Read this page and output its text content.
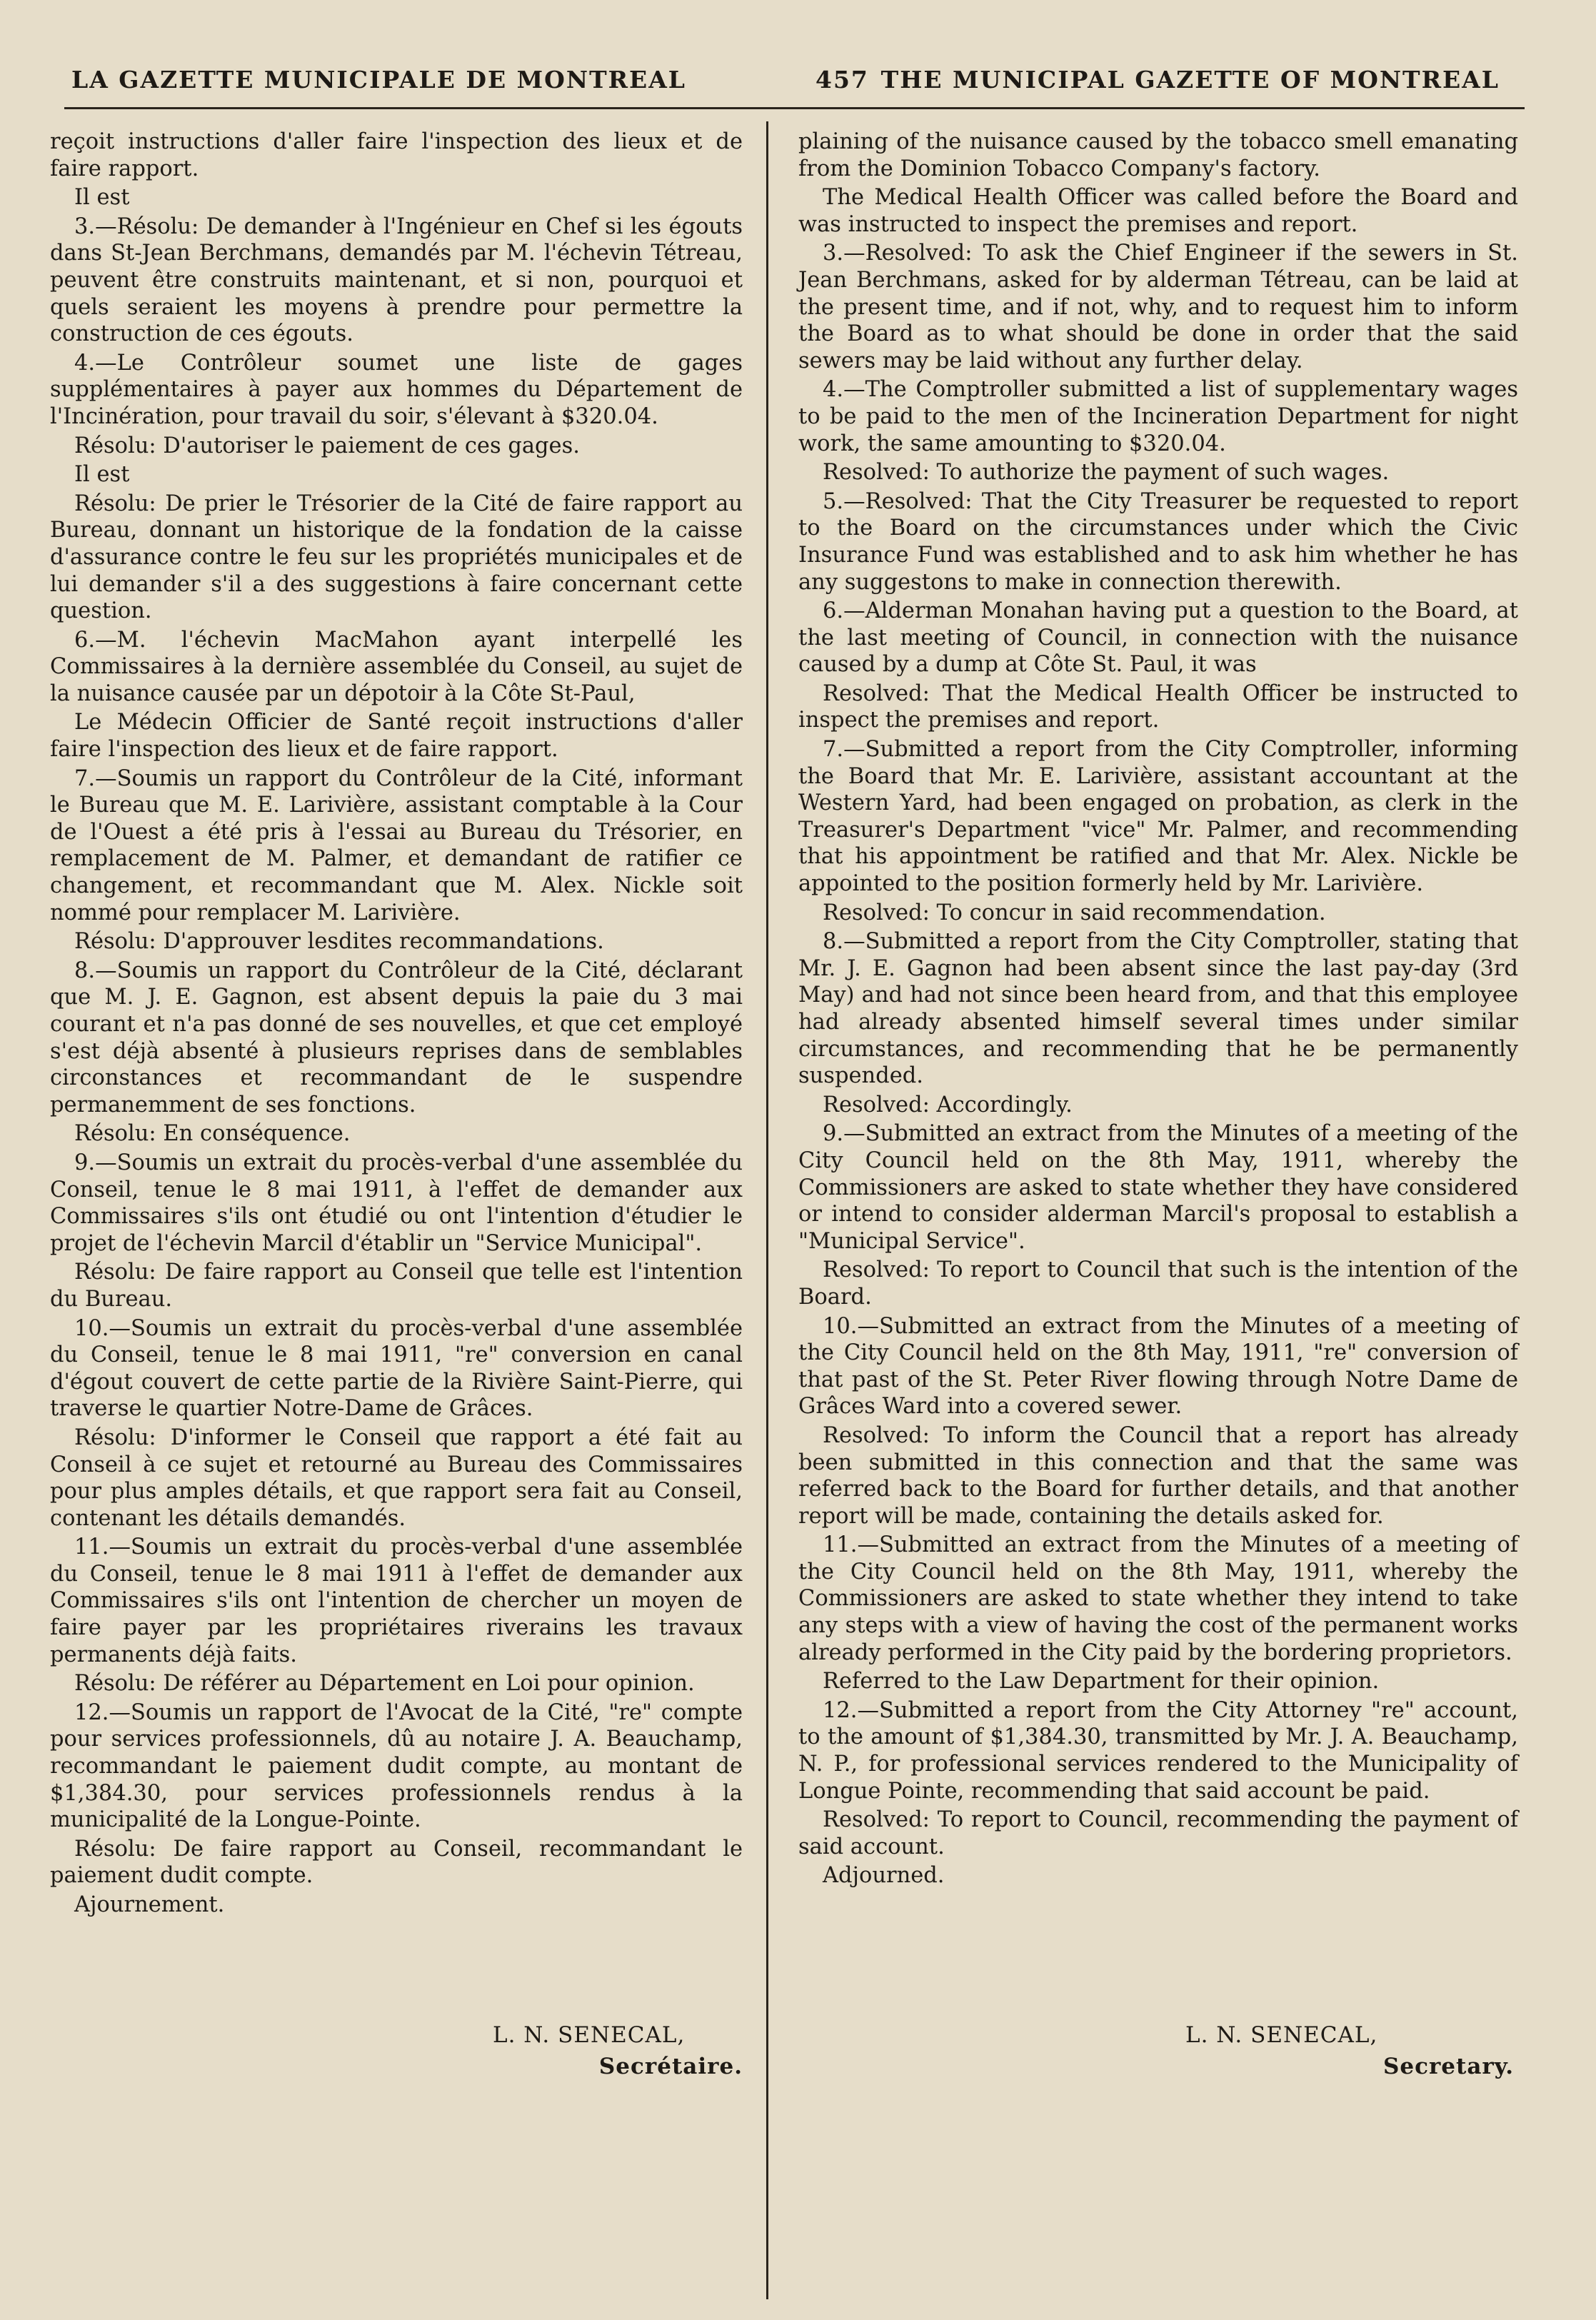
LA GAZETTE MUNICIPALE DE MONTREAL	457 THE MUNICIPAL GAZETTE OF MONTREAL

reçoit instructions d'aller faire l'inspection des lieux et de faire rapport.

Il est

3.—Résolu: De demander à l'Ingénieur en Chef si les égouts dans St-Jean Berchmans, demandés par M. l'échevin Tétreau, peuvent être construits maintenant, et si non, pourquoi et quels seraient les moyens à prendre pour permettre la construction de ces égouts.

4.—Le Contrôleur soumet une liste de gages supplémentaires à payer aux hommes du Département de l'Incinération, pour travail du soir, s'élevant à $320.04.

Résolu: D'autoriser le paiement de ces gages.

Il est

Résolu: De prier le Trésorier de la Cité de faire rapport au Bureau, donnant un historique de la fondation de la caisse d'assurance contre le feu sur les propriétés municipales et de lui demander s'il a des suggestions à faire concernant cette question.

6.—M. l'échevin MacMahon ayant interpellé les Commissaires à la dernière assemblée du Conseil, au sujet de la nuisance causée par un dépotoir à la Côte St-Paul,

Le Médecin Officier de Santé reçoit instructions d'aller faire l'inspection des lieux et de faire rapport.

7.—Soumis un rapport du Contrôleur de la Cité, informant le Bureau que M. E. Larivière, assistant comptable à la Cour de l'Ouest a été pris à l'essai au Bureau du Trésorier, en remplacement de M. Palmer, et demandant de ratifier ce changement, et recommandant que M. Alex. Nickle soit nommé pour remplacer M. Larivière.

Résolu: D'approuver lesdites recommandations.

8.—Soumis un rapport du Contrôleur de la Cité, déclarant que M. J. E. Gagnon, est absent depuis la paie du 3 mai courant et n'a pas donné de ses nouvelles, et que cet employé s'est déjà absenté à plusieurs reprises dans de semblables circonstances et recommandant de le suspendre permanemment de ses fonctions.

Résolu: En conséquence.

9.—Soumis un extrait du procès-verbal d'une assemblée du Conseil, tenue le 8 mai 1911, à l'effet de demander aux Commissaires s'ils ont étudié ou ont l'intention d'étudier le projet de l'échevin Marcil d'établir un "Service Municipal".

Résolu: De faire rapport au Conseil que telle est l'intention du Bureau.

10.—Soumis un extrait du procès-verbal d'une assemblée du Conseil, tenue le 8 mai 1911, "re" conversion en canal d'égout couvert de cette partie de la Rivière Saint-Pierre, qui traverse le quartier Notre-Dame de Grâces.

Résolu: D'informer le Conseil que rapport a été fait au Conseil à ce sujet et retourné au Bureau des Commissaires pour plus amples détails, et que rapport sera fait au Conseil, contenant les détails demandés.

11.—Soumis un extrait du procès-verbal d'une assemblée du Conseil, tenue le 8 mai 1911 à l'effet de demander aux Commissaires s'ils ont l'intention de chercher un moyen de faire payer par les propriétaires riverains les travaux permanents déjà faits.

Résolu: De référer au Département en Loi pour opinion.

12.—Soumis un rapport de l'Avocat de la Cité, "re" compte pour services professionnels, dû au notaire J. A. Beauchamp, recommandant le paiement dudit compte, au montant de $1,384.30, pour services professionnels rendus à la municipalité de la Longue-Pointe.

Résolu: De faire rapport au Conseil, recommandant le paiement dudit compte.

Ajournement.

plaining of the nuisance caused by the tobacco smell emanating from the Dominion Tobacco Company's factory.

The Medical Health Officer was called before the Board and was instructed to inspect the premises and report.

3.—Resolved: To ask the Chief Engineer if the sewers in St. Jean Berchmans, asked for by alderman Tétreau, can be laid at the present time, and if not, why, and to request him to inform the Board as to what should be done in order that the said sewers may be laid without any further delay.

4.—The Comptroller submitted a list of supplementary wages to be paid to the men of the Incineration Department for night work, the same amounting to $320.04.

Resolved: To authorize the payment of such wages.

5.—Resolved: That the City Treasurer be requested to report to the Board on the circumstances under which the Civic Insurance Fund was established and to ask him whether he has any suggestons to make in connection therewith.

6.—Alderman Monahan having put a question to the Board, at the last meeting of Council, in connection with the nuisance caused by a dump at Côte St. Paul, it was

Resolved: That the Medical Health Officer be instructed to inspect the premises and report.

7.—Submitted a report from the City Comptroller, informing the Board that Mr. E. Larivière, assistant accountant at the Western Yard, had been engaged on probation, as clerk in the Treasurer's Department "vice" Mr. Palmer, and recommending that his appointment be ratified and that Mr. Alex. Nickle be appointed to the position formerly held by Mr. Larivière.

Resolved: To concur in said recommendation.

8.—Submitted a report from the City Comptroller, stating that Mr. J. E. Gagnon had been absent since the last pay-day (3rd May) and had not since been heard from, and that this employee had already absented himself several times under similar circumstances, and recommending that he be permanently suspended.

Resolved: Accordingly.

9.—Submitted an extract from the Minutes of a meeting of the City Council held on the 8th May, 1911, whereby the Commissioners are asked to state whether they have considered or intend to consider alderman Marcil's proposal to establish a "Municipal Service".

Resolved: To report to Council that such is the intention of the Board.

10.—Submitted an extract from the Minutes of a meeting of the City Council held on the 8th May, 1911, "re" conversion of that past of the St. Peter River flowing through Notre Dame de Grâces Ward into a covered sewer.

Resolved: To inform the Council that a report has already been submitted in this connection and that the same was referred back to the Board for further details, and that another report will be made, containing the details asked for.

11.—Submitted an extract from the Minutes of a meeting of the City Council held on the 8th May, 1911, whereby the Commissioners are asked to state whether they intend to take any steps with a view of having the cost of the permanent works already performed in the City paid by the bordering proprietors.

Referred to the Law Department for their opinion.

12.—Submitted a report from the City Attorney "re" account, to the amount of $1,384.30, transmitted by Mr. J. A. Beauchamp, N. P., for professional services rendered to the Municipality of Longue Pointe, recommending that said account be paid.

Resolved: To report to Council, recommending the payment of said account.

Adjourned.

L. N. SENECAL,
Secrétaire.
L. N. SENECAL,
Secretary.
